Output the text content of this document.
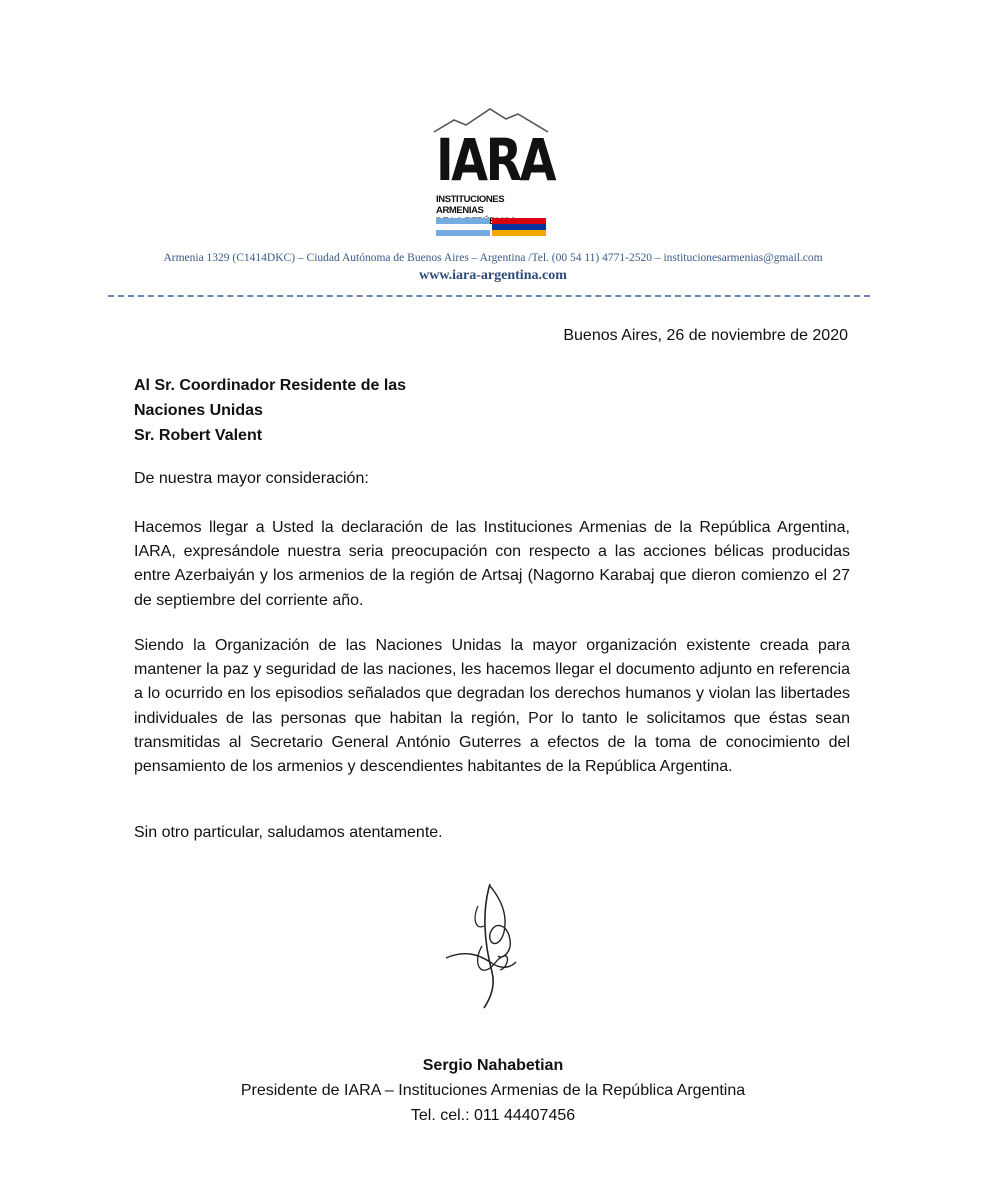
IARA
INSTITUCIONES ARMENIAS
REPÚBLICA
Armenia 1329 (C1414DKC) – Ciudad Autónoma de Buenos Aires – Argentina /Tel. (00 54 11) 4771-2520 – institucionesarmenias@gmail.com
www.iara-argentina.com
Buenos Aires, 26 de noviembre de 2020
Al Sr. Coordinador Residente de las
Naciones Unidas
Sr. Robert Valent
De nuestra mayor consideración:
Hacemos llegar a Usted la declaración de las Instituciones Armenias de la República Argentina, IARA, expresándole nuestra seria preocupación con respecto a las acciones bélicas producidas entre Azerbaiyán y los armenios de la región de Artsaj (Nagorno Karabaj que dieron comienzo el 27 de septiembre del corriente año.
Siendo la Organización de las Naciones Unidas la mayor organización existente creada para mantener la paz y seguridad de las naciones, les hacemos llegar el documento adjunto en referencia a lo ocurrido en los episodios señalados que degradan los derechos humanos y violan las libertades individuales de las personas que habitan la región, Por lo tanto le solicitamos que éstas sean transmitidas al Secretario General António Guterres a efectos de la toma de conocimiento del pensamiento de los armenios y descendientes habitantes de la República Argentina.
Sin otro particular, saludamos atentamente.
Sergio Nahabetian
Presidente de IARA – Instituciones Armenias de la República Argentina
Tel. cel.: 011 44407456
